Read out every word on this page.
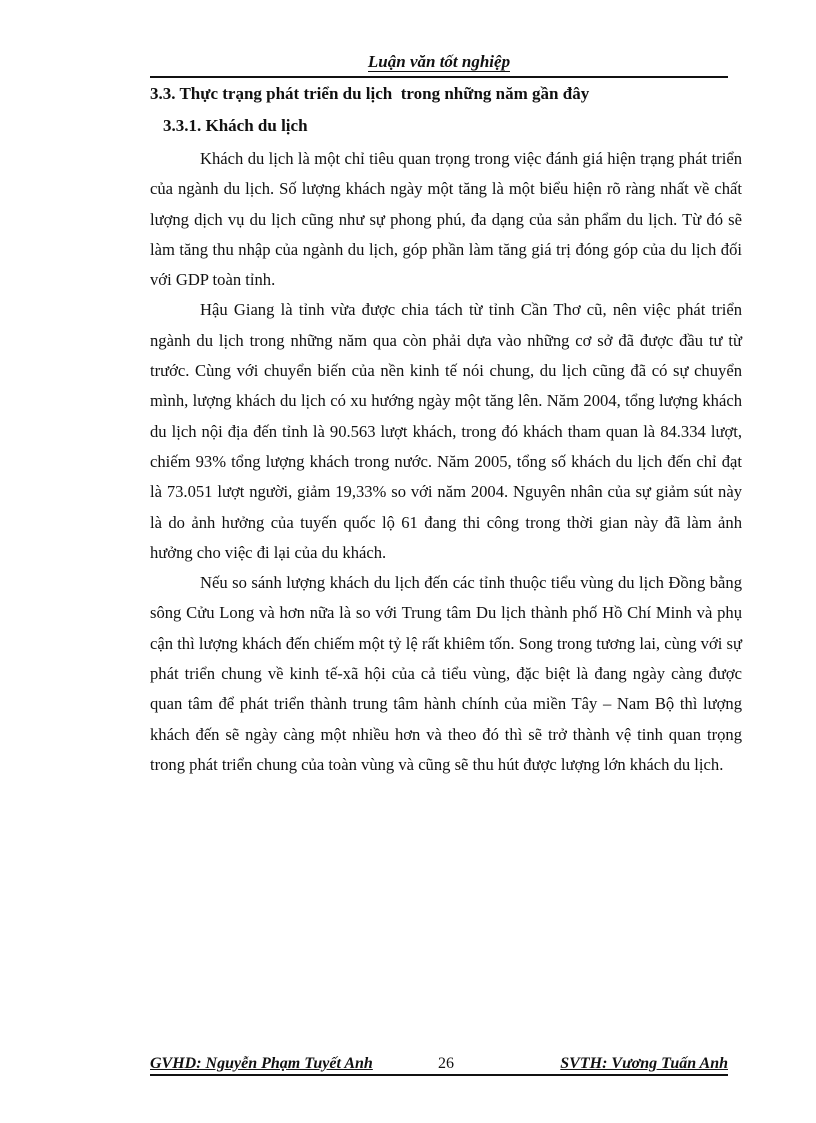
Luận văn tốt nghiệp
3.3. Thực trạng phát triển du lịch  trong những năm gần đây
3.3.1. Khách du lịch

Khách du lịch là một chỉ tiêu quan trọng trong việc đánh giá hiện trạng phát triển của ngành du lịch. Số lượng khách ngày một tăng là một biểu hiện rõ ràng nhất về chất lượng dịch vụ du lịch cũng như sự phong phú, đa dạng của sản phẩm du lịch. Từ đó sẽ làm tăng thu nhập của ngành du lịch, góp phần làm tăng giá trị đóng góp của du lịch đối với GDP toàn tỉnh.

Hậu Giang là tỉnh vừa được chia tách từ tỉnh Cần Thơ cũ, nên việc phát triển ngành du lịch trong những năm qua còn phải dựa vào những cơ sở đã được đầu tư từ trước. Cùng với chuyển biến của nền kinh tế nói chung, du lịch cũng đã có sự chuyển mình, lượng khách du lịch có xu hướng ngày một tăng lên. Năm 2004, tổng lượng khách du lịch nội địa đến tỉnh là 90.563 lượt khách, trong đó khách tham quan là 84.334 lượt, chiếm 93% tổng lượng khách trong nước. Năm 2005, tổng số khách du lịch đến chỉ đạt là 73.051 lượt người, giảm 19,33% so với năm 2004. Nguyên nhân của sự giảm sút này là do ảnh hưởng của tuyến quốc lộ 61 đang thi công trong thời gian này đã làm ảnh hưởng cho việc đi lại của du khách.

Nếu so sánh lượng khách du lịch đến các tỉnh thuộc tiểu vùng du lịch Đồng bằng sông Cửu Long và hơn nữa là so với Trung tâm Du lịch thành phố Hồ Chí Minh và phụ cận thì lượng khách đến chiếm một tỷ lệ rất khiêm tốn. Song trong tương lai, cùng với sự phát triển chung về kinh tế-xã hội của cả tiểu vùng, đặc biệt là đang ngày càng được quan tâm để phát triển thành trung tâm hành chính của miền Tây – Nam Bộ thì lượng khách đến sẽ ngày càng một nhiều hơn và theo đó thì sẽ trở thành vệ tinh quan trọng trong phát triển chung của toàn vùng và cũng sẽ thu hút được lượng lớn khách du lịch.

GVHD: Nguyễn Phạm Tuyết Anh	26	SVTH: Vương Tuấn Anh
